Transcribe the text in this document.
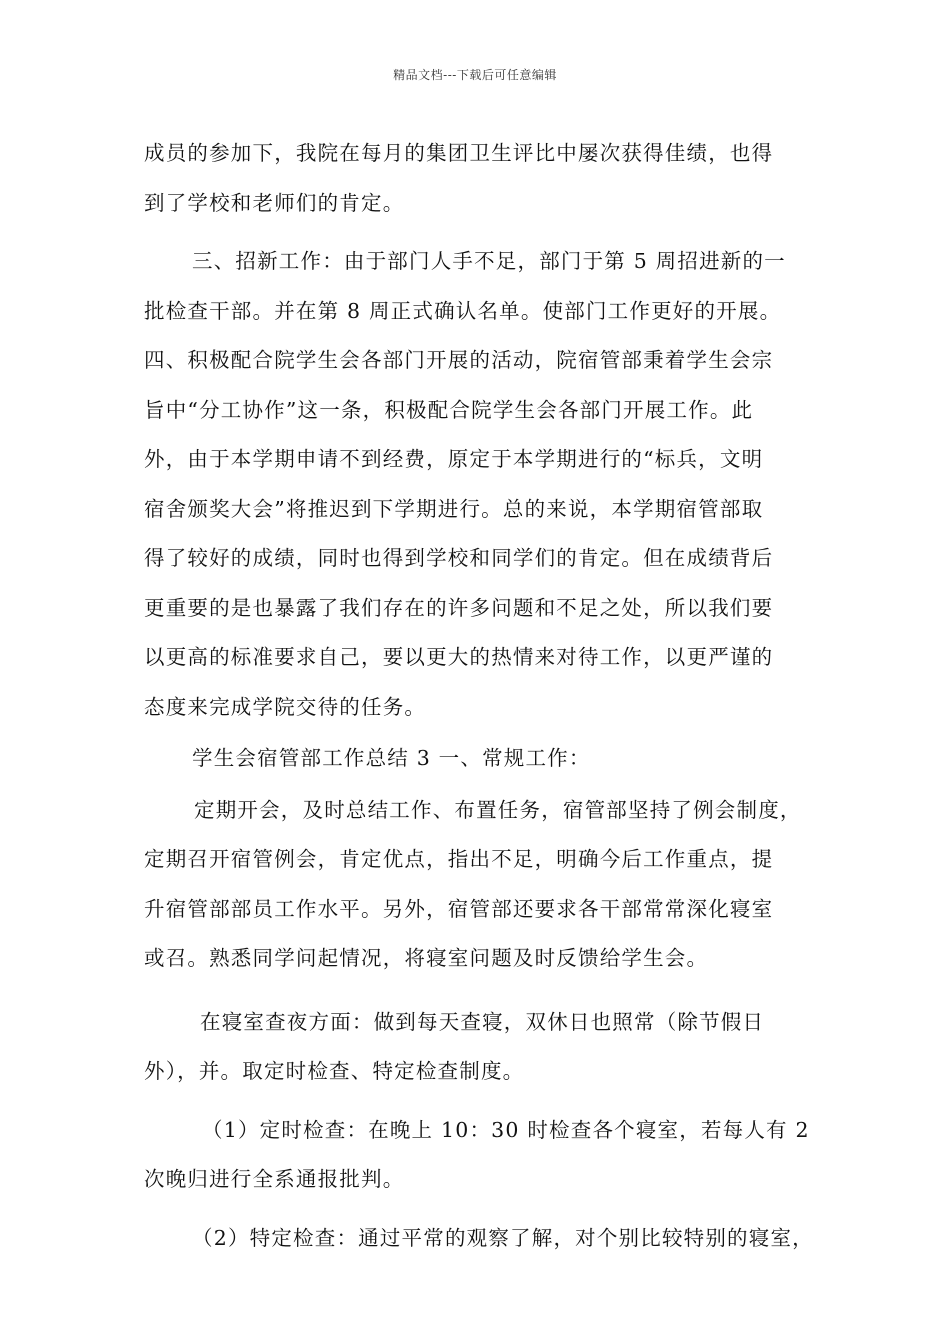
精品文档---下载后可任意编辑
成员的参加下，我院在每月的集团卫生评比中屡次获得佳绩，也得
到了学校和老师们的肯定。
三、招新工作：由于部门人手不足，部门于第 5 周招进新的一
批检查干部。并在第 8 周正式确认名单。使部门工作更好的开展。
四、积极配合院学生会各部门开展的活动，院宿管部秉着学生会宗
旨中“分工协作”这一条，积极配合院学生会各部门开展工作。此
外，由于本学期申请不到经费，原定于本学期进行的“标兵，文明
宿舍颁奖大会”将推迟到下学期进行。总的来说，本学期宿管部取
得了较好的成绩，同时也得到学校和同学们的肯定。但在成绩背后
更重要的是也暴露了我们存在的许多问题和不足之处，所以我们要
以更高的标准要求自己，要以更大的热情来对待工作，以更严谨的
态度来完成学院交待的任务。
学生会宿管部工作总结 3 一、常规工作：
定期开会，及时总结工作、布置任务，宿管部坚持了例会制度，
定期召开宿管例会，肯定优点，指出不足，明确今后工作重点，提
升宿管部部员工作水平。另外，宿管部还要求各干部常常深化寝室
或召。熟悉同学问起情况，将寝室问题及时反馈给学生会。
在寝室查夜方面：做到每天查寝，双休日也照常（除节假日
外），并。取定时检查、特定检查制度。
（1）定时检查：在晚上 10：30 时检查各个寝室，若每人有 2
次晚归进行全系通报批判。
（2）特定检查：通过平常的观察了解，对个别比较特别的寝室，
